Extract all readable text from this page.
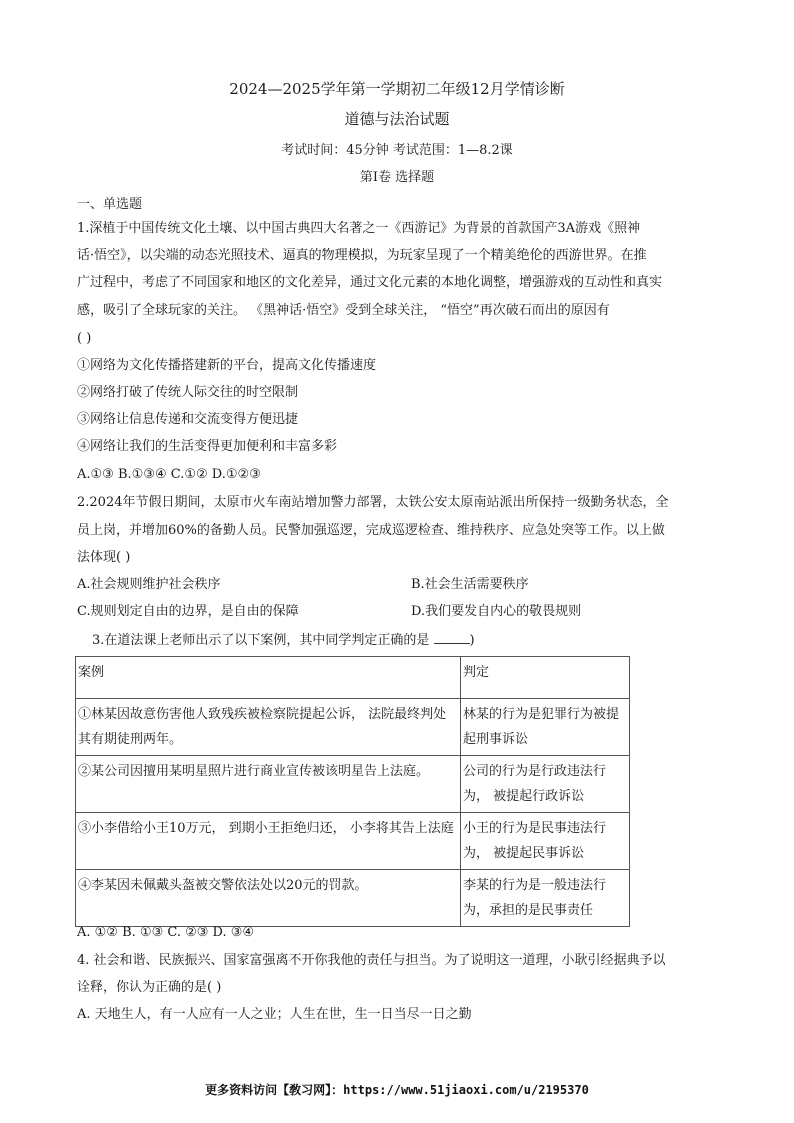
2024—2025学年第一学期初二年级12月学情诊断
道德与法治试题
考试时间：45分钟 考试范围：1—8.2课
第Ⅰ卷 选择题
一、单选题
1.深植于中国传统文化土壤、以中国古典四大名著之一《西游记》为背景的首款国产3A游戏《照神
话·悟空》，以尖端的动态光照技术、逼真的物理模拟，为玩家呈现了一个精美绝伦的西游世界。在推
广过程中，考虑了不同国家和地区的文化差异，通过文化元素的本地化调整，增强游戏的互动性和真实
感，吸引了全球玩家的关注。 《黑神话·悟空》受到全球关注， “悟空”再次破石而出的原因有
( )
①网络为文化传播搭建新的平台，提高文化传播速度
②网络打破了传统人际交往的时空限制
③网络让信息传递和交流变得方便迅捷
④网络让我们的生活变得更加便利和丰富多彩
A.①③ B.①③④ C.①② D.①②③
2.2024年节假日期间，太原市火车南站增加警力部署，太铁公安太原南站派出所保持一级勤务状态，全
员上岗，并增加60%的备勤人员。民警加强巡逻，完成巡逻检查、维持秩序、应急处突等工作。以上做
法体现( )
A.社会规则维护社会秩序	B.社会生活需要秩序
C.规则划定自由的边界，是自由的保障	D.我们要发自内心的敬畏规则
3.在道法课上老师出示了以下案例，其中同学判定正确的是	)
案例	判定
①林某因故意伤害他人致残疾被检察院提起公诉， 法院最终判处其有期徒刑两年。	林某的行为是犯罪行为被提起刑事诉讼
②某公司因擅用某明星照片进行商业宣传被该明星告上法庭。	公司的行为是行政违法行为， 被提起行政诉讼
③小李借给小王10万元， 到期小王拒绝归还， 小李将其告上法庭	小王的行为是民事违法行为， 被提起民事诉讼
④李某因未佩戴头盔被交警依法处以20元的罚款。	李某的行为是一般违法行为，承担的是民事责任
A. ①② B. ①③ C. ②③ D. ③④
4. 社会和谐、民族振兴、国家富强离不开你我他的责任与担当。为了说明这一道理，小耿引经据典予以
诠释，你认为正确的是( )
A. 天地生人，有一人应有一人之业；人生在世，生一日当尽一日之勤
更多资料访问【敎习网】：https://www.51jiaoxi.com/u/2195370
